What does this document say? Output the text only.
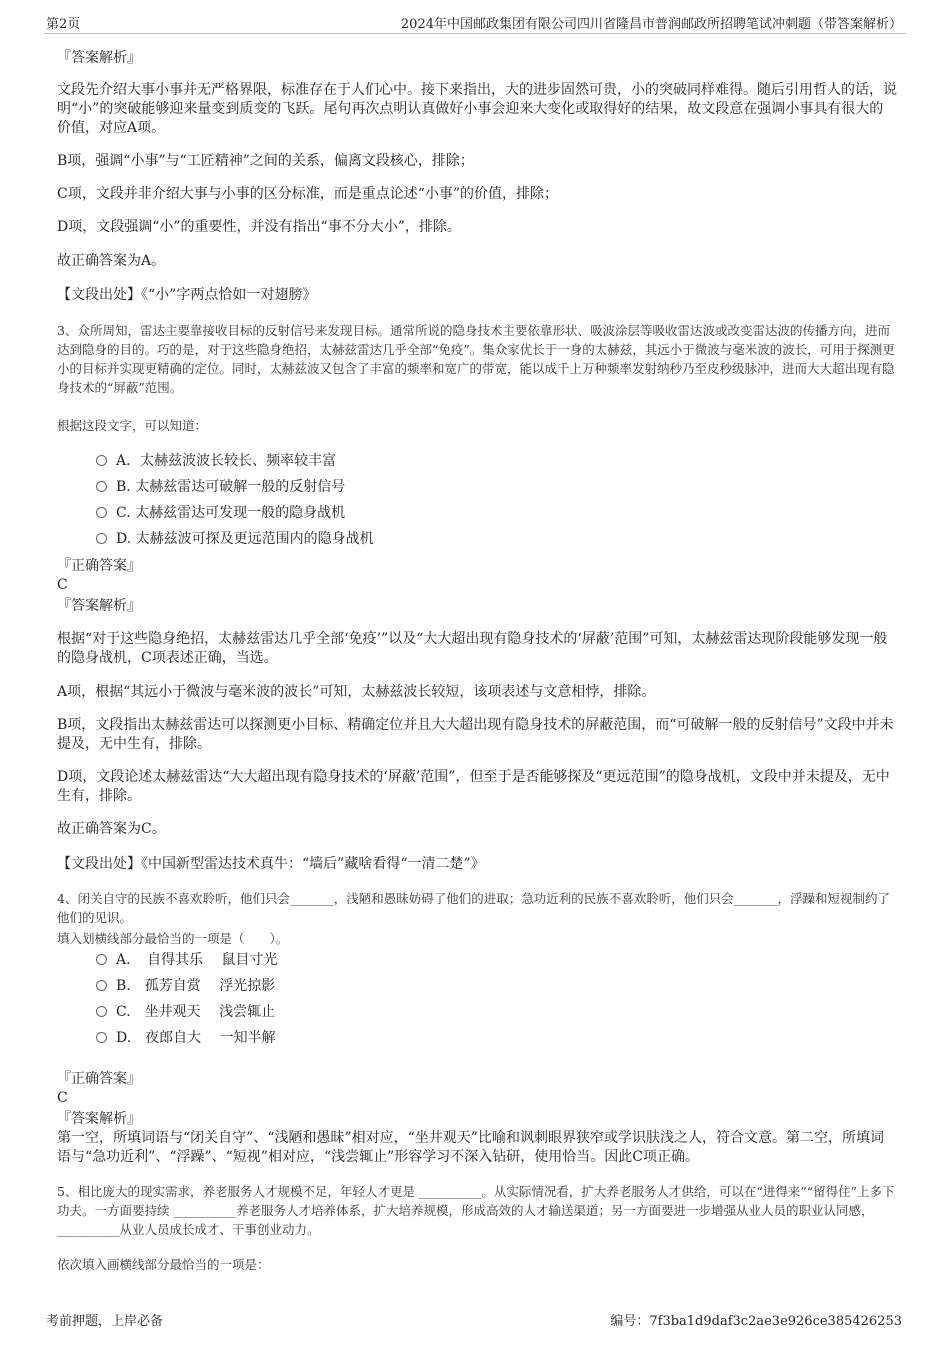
第2页	2024年中国邮政集团有限公司四川省隆昌市普润邮政所招聘笔试冲刺题（带答案解析）
『答案解析』
文段先介绍大事小事并无严格界限，标准存在于人们心中。接下来指出，大的进步固然可贵，小的突破同样难得。随后引用哲人的话，说明“小”的突破能够迎来量变到质变的飞跃。尾句再次点明认真做好小事会迎来大变化或取得好的结果，故文段意在强调小事具有很大的价值，对应A项。
B项，强调“小事”与“工匠精神”之间的关系，偏离文段核心，排除；
C项，文段并非介绍大事与小事的区分标准，而是重点论述“小事”的价值，排除；
D项，文段强调“小”的重要性，并没有指出“事不分大小”，排除。
故正确答案为A。
【文段出处】《“小”字两点恰如一对翅膀》
3、众所周知，雷达主要靠接收目标的反射信号来发现目标。通常所说的隐身技术主要依靠形状、吸波涂层等吸收雷达波或改变雷达波的传播方向，进而达到隐身的目的。巧的是，对于这些隐身绝招，太赫兹雷达几乎全部“免疫”。集众家优长于一身的太赫兹，其远小于微波与毫米波的波长，可用于探测更小的目标并实现更精确的定位。同时，太赫兹波又包含了丰富的频率和宽广的带宽，能以成千上万种频率发射纳秒乃至皮秒级脉冲，进而大大超出现有隐身技术的“屏蔽”范围。
根据这段文字，可以知道：
A．太赫兹波波长较长、频率较丰富
B. 太赫兹雷达可破解一般的反射信号
C. 太赫兹雷达可发现一般的隐身战机
D. 太赫兹波可探及更远范围内的隐身战机
『正确答案』
C
『答案解析』
根据“对于这些隐身绝招，太赫兹雷达几乎全部‘免疫’”以及“大大超出现有隐身技术的‘屏蔽’范围”可知，太赫兹雷达现阶段能够发现一般的隐身战机，C项表述正确，当选。
A项，根据“其远小于微波与毫米波的波长”可知，太赫兹波长较短，该项表述与文意相悖，排除。
B项，文段指出太赫兹雷达可以探测更小目标、精确定位并且大大超出现有隐身技术的屏蔽范围，而“可破解一般的反射信号”文段中并未提及，无中生有，排除。
D项，文段论述太赫兹雷达“大大超出现有隐身技术的‘屏蔽’范围”，但至于是否能够探及“更远范围”的隐身战机，文段中并未提及，无中生有，排除。
故正确答案为C。
【文段出处】《中国新型雷达技术真牛：“墙后”藏啥看得“一清二楚”》
4、闭关自守的民族不喜欢聆听，他们只会_______，浅陋和愚昧妨碍了他们的进取；急功近利的民族不喜欢聆听，他们只会_______，浮躁和短视制约了他们的见识。
填入划横线部分最恰当的一项是（　　）。
A．　自得其乐　 鼠目寸光
B.　孤芳自赏　 浮光掠影
C.　坐井观天　 浅尝辄止
D.　夜郎自大　 一知半解
『正确答案』
C
『答案解析』
第一空，所填词语与“闭关自守”、“浅陋和愚昧”相对应，“坐井观天”比喻和讽刺眼界狭窄或学识肤浅之人，符合文意。第二空，所填词语与“急功近利”、“浮躁”、“短视”相对应，“浅尝辄止”形容学习不深入钻研，使用恰当。因此C项正确。
5、相比庞大的现实需求，养老服务人才规模不足，年轻人才更是 __________。从实际情况看，扩大养老服务人才供给，可以在“进得来”“留得住”上多下功夫。一方面要持续 __________养老服务人才培养体系，扩大培养规模，形成高效的人才输送渠道；另一方面要进一步增强从业人员的职业认同感，__________从业人员成长成才、干事创业动力。
依次填入画横线部分最恰当的一项是：
考前押题，上岸必备	编号：7f3ba1d9daf3c2ae3e926ce385426253
